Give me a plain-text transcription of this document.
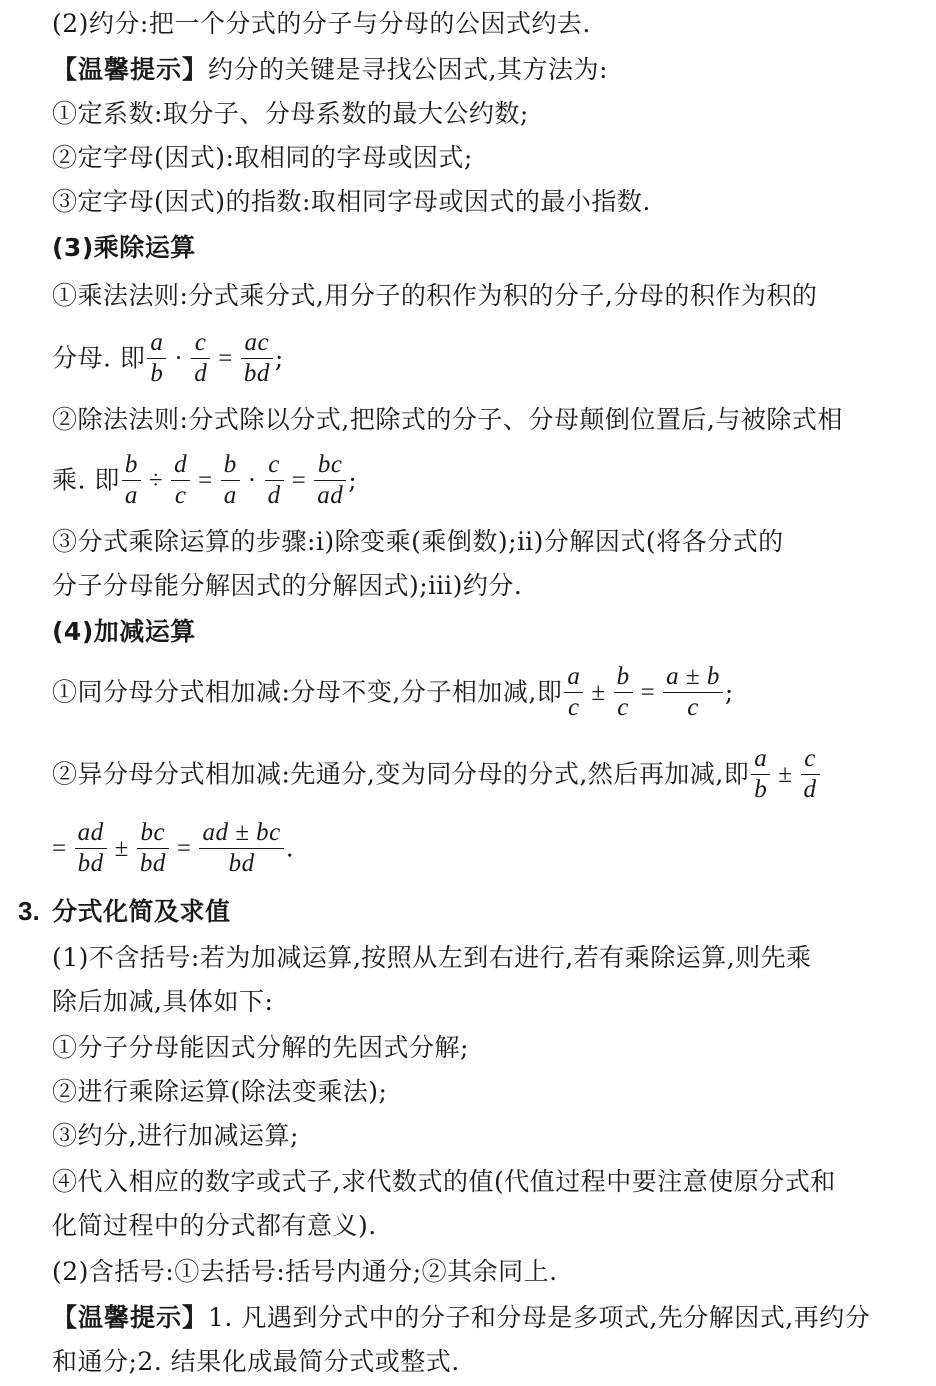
(2)约分:把一个分式的分子与分母的公因式约去.
【温馨提示】约分的关键是寻找公因式,其方法为:
①定系数:取分子、分母系数的最大公约数;
②定字母(因式):取相同的字母或因式;
③定字母(因式)的指数:取相同字母或因式的最小指数.
(3)乘除运算
①乘法法则:分式乘分式,用分子的积作为积的分子,分母的积作为积的
分母. 即 $\frac{a}{b} \cdot \frac{c}{d} = \frac{ac}{bd}$ ;
②除法法则:分式除以分式,把除式的分子、分母颠倒位置后,与被除式相
乘. 即 $\frac{b}{a} \div \frac{d}{c} = \frac{b}{a} \cdot \frac{c}{d} = \frac{bc}{ad}$ ;
③分式乘除运算的步骤:ⅰ)除变乘(乘倒数);ⅱ)分解因式(将各分式的
分子分母能分解因式的分解因式);ⅲ)约分.
(4)加减运算
①同分母分式相加减:分母不变,分子相加减,即 $\frac{a}{c} \pm \frac{b}{c} = \frac{a \pm b}{c}$ ;
②异分母分式相加减:先通分,变为同分母的分式,然后再加减,即 $\frac{a}{b} \pm \frac{c}{d}$
= $\frac{ad}{bd} \pm \frac{bc}{bd} = \frac{ad \pm bc}{bd}$ .
3. 分式化简及求值
(1)不含括号:若为加减运算,按照从左到右进行,若有乘除运算,则先乘
除后加减,具体如下:
①分子分母能因式分解的先因式分解;
②进行乘除运算(除法变乘法);
③约分,进行加减运算;
④代入相应的数字或式子,求代数式的值(代值过程中要注意使原分式和
化简过程中的分式都有意义).
(2)含括号:①去括号:括号内通分;②其余同上.
【温馨提示】1. 凡遇到分式中的分子和分母是多项式,先分解因式,再约分
和通分;2. 结果化成最简分式或整式.
